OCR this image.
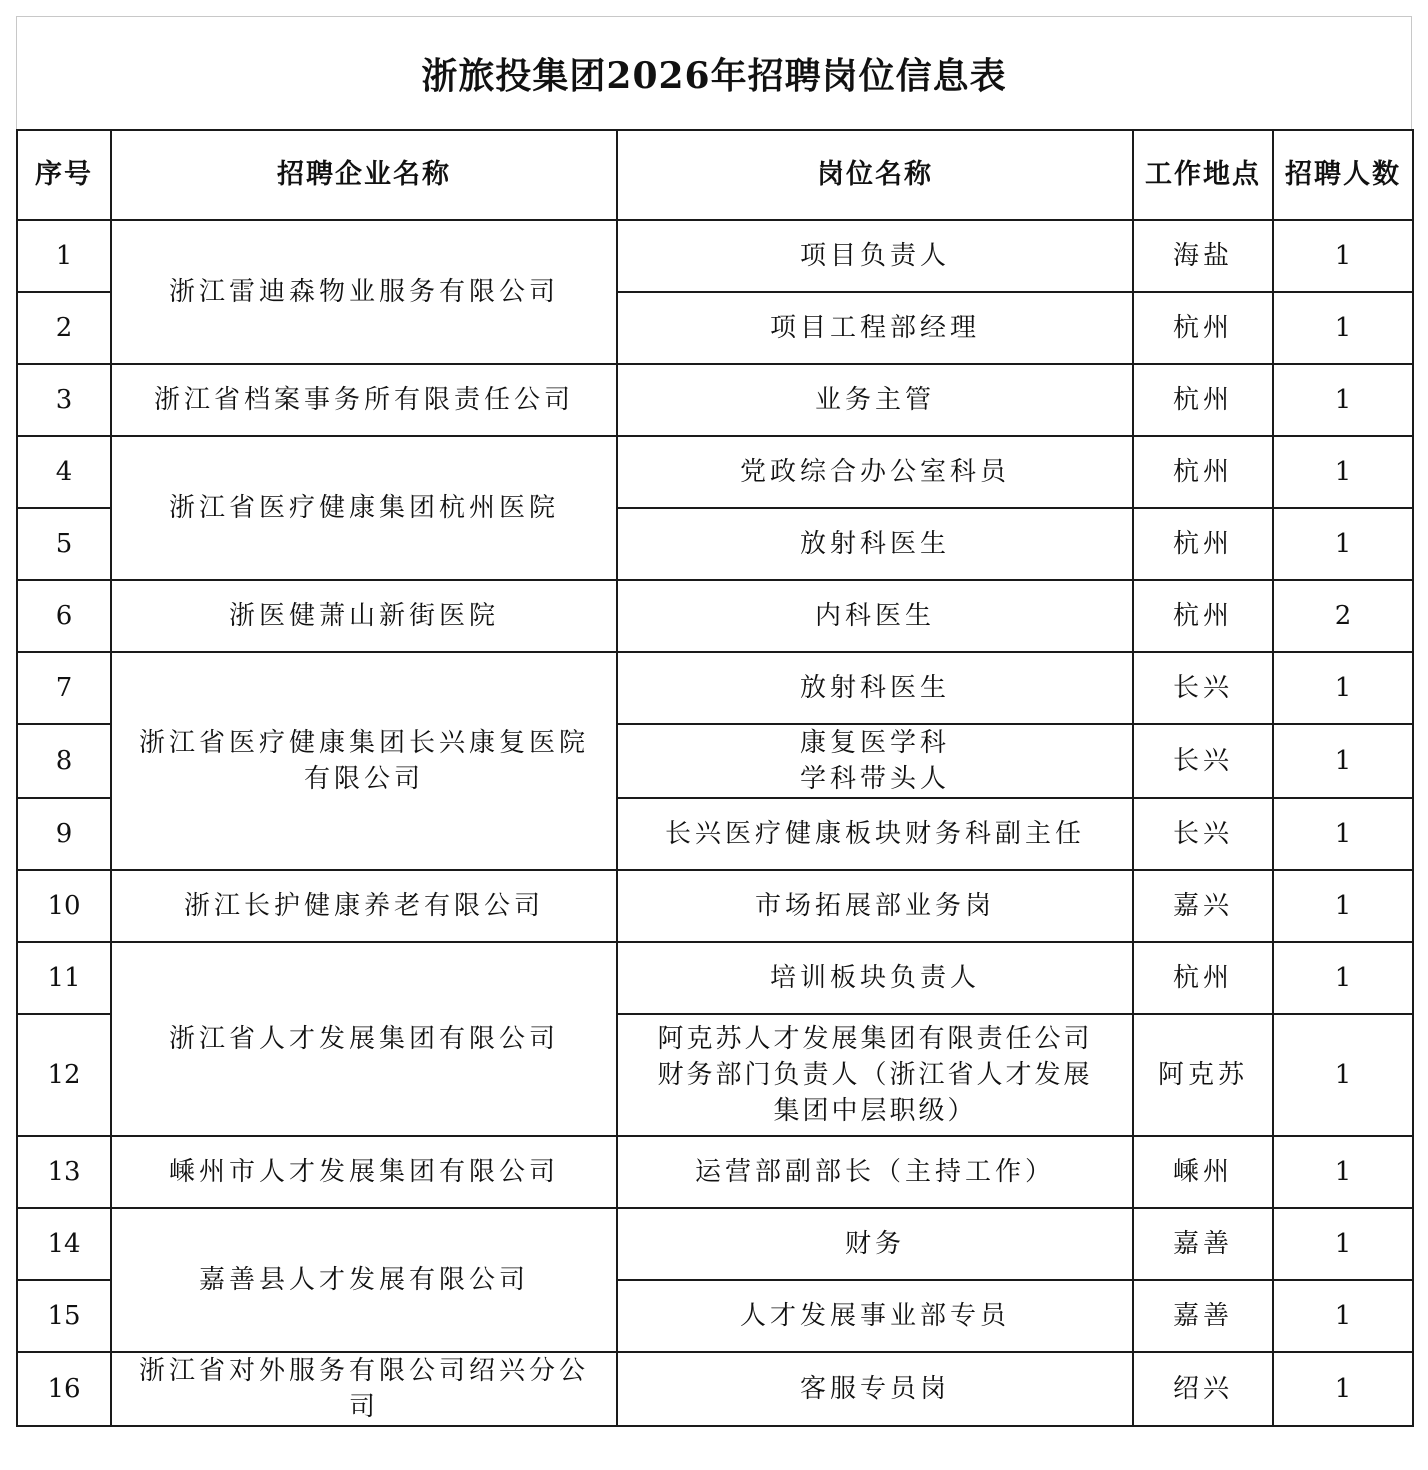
浙旅投集团2026年招聘岗位信息表
序号	招聘企业名称	岗位名称	工作地点	招聘人数
1	浙江雷迪森物业服务有限公司	项目负责人	海盐	1
2		项目工程部经理	杭州	1
3	浙江省档案事务所有限责任公司	业务主管	杭州	1
4	浙江省医疗健康集团杭州医院	党政综合办公室科员	杭州	1
5		放射科医生	杭州	1
6	浙医健萧山新街医院	内科医生	杭州	2
7	浙江省医疗健康集团长兴康复医院
有限公司	放射科医生	长兴	1
8		康复医学科
学科带头人	长兴	1
9		长兴医疗健康板块财务科副主任	长兴	1
10	浙江长护健康养老有限公司	市场拓展部业务岗	嘉兴	1
11	浙江省人才发展集团有限公司	培训板块负责人	杭州	1
12		阿克苏人才发展集团有限责任公司
财务部门负责人（浙江省人才发展
集团中层职级）	阿克苏	1
13	嵊州市人才发展集团有限公司	运营部副部长（主持工作）	嵊州	1
14	嘉善县人才发展有限公司	财务	嘉善	1
15		人才发展事业部专员	嘉善	1
16	浙江省对外服务有限公司绍兴分公
司	客服专员岗	绍兴	1
